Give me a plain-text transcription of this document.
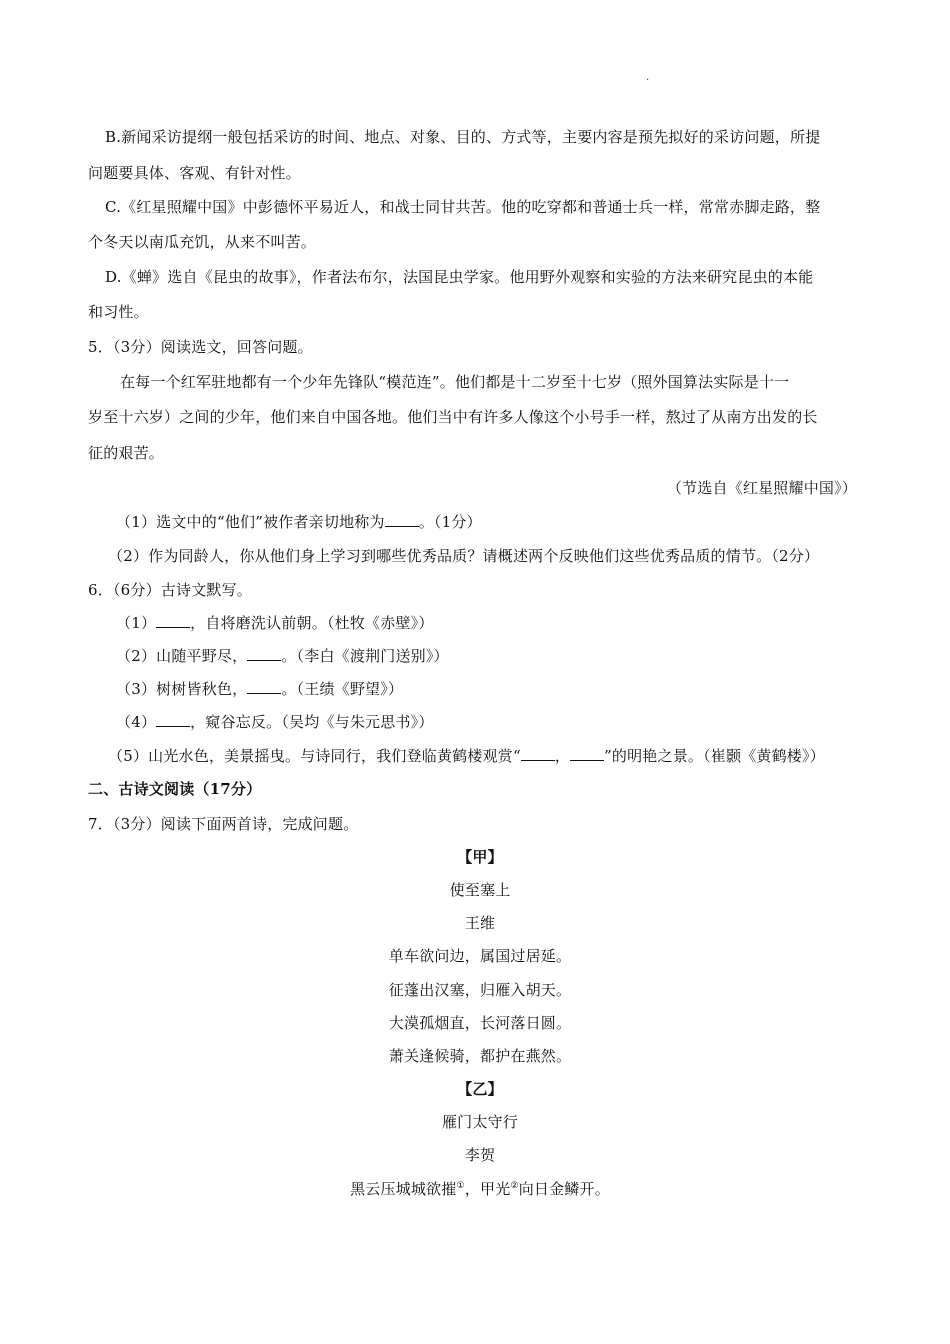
.
B.新闻采访提纲一般包括采访的时间、地点、对象、目的、方式等，主要内容是预先拟好的采访问题，所提
问题要具体、客观、有针对性。
C.《红星照耀中国》中彭德怀平易近人，和战士同甘共苦。他的吃穿都和普通士兵一样，常常赤脚走路，整
个冬天以南瓜充饥，从来不叫苦。
D.《蝉》选自《昆虫的故事》，作者法布尔，法国昆虫学家。他用野外观察和实验的方法来研究昆虫的本能
和习性。
5．（3分）阅读选文，回答问题。
在每一个红军驻地都有一个少年先锋队“模范连”。他们都是十二岁至十七岁（照外国算法实际是十一
岁至十六岁）之间的少年，他们来自中国各地。他们当中有许多人像这个小号手一样，熬过了从南方出发的长
征的艰苦。
（节选自《红星照耀中国》）
（1）选文中的“他们”被作者亲切地称为 。（1分）
（2）作为同龄人，你从他们身上学习到哪些优秀品质？请概述两个反映他们这些优秀品质的情节。（2分）
6．（6分）古诗文默写。
（1） ，自将磨洗认前朝。（杜牧《赤壁》）
（2）山随平野尽， 。（李白《渡荆门送别》）
（3）树树皆秋色， 。（王绩《野望》）
（4） ，窥谷忘反。（吴均《与朱元思书》）
（5）山光水色，美景摇曳。与诗同行，我们登临黄鹤楼观赏“ ， ”的明艳之景。（崔颢《黄鹤楼》）
二、古诗文阅读（17分）
7．（3分）阅读下面两首诗，完成问题。
【甲】
使至塞上
王维
单车欲问边，属国过居延。
征蓬出汉塞，归雁入胡天。
大漠孤烟直，长河落日圆。
萧关逢候骑，都护在燕然。
【乙】
雁门太守行
李贺
黑云压城城欲摧①，甲光②向日金鳞开。
